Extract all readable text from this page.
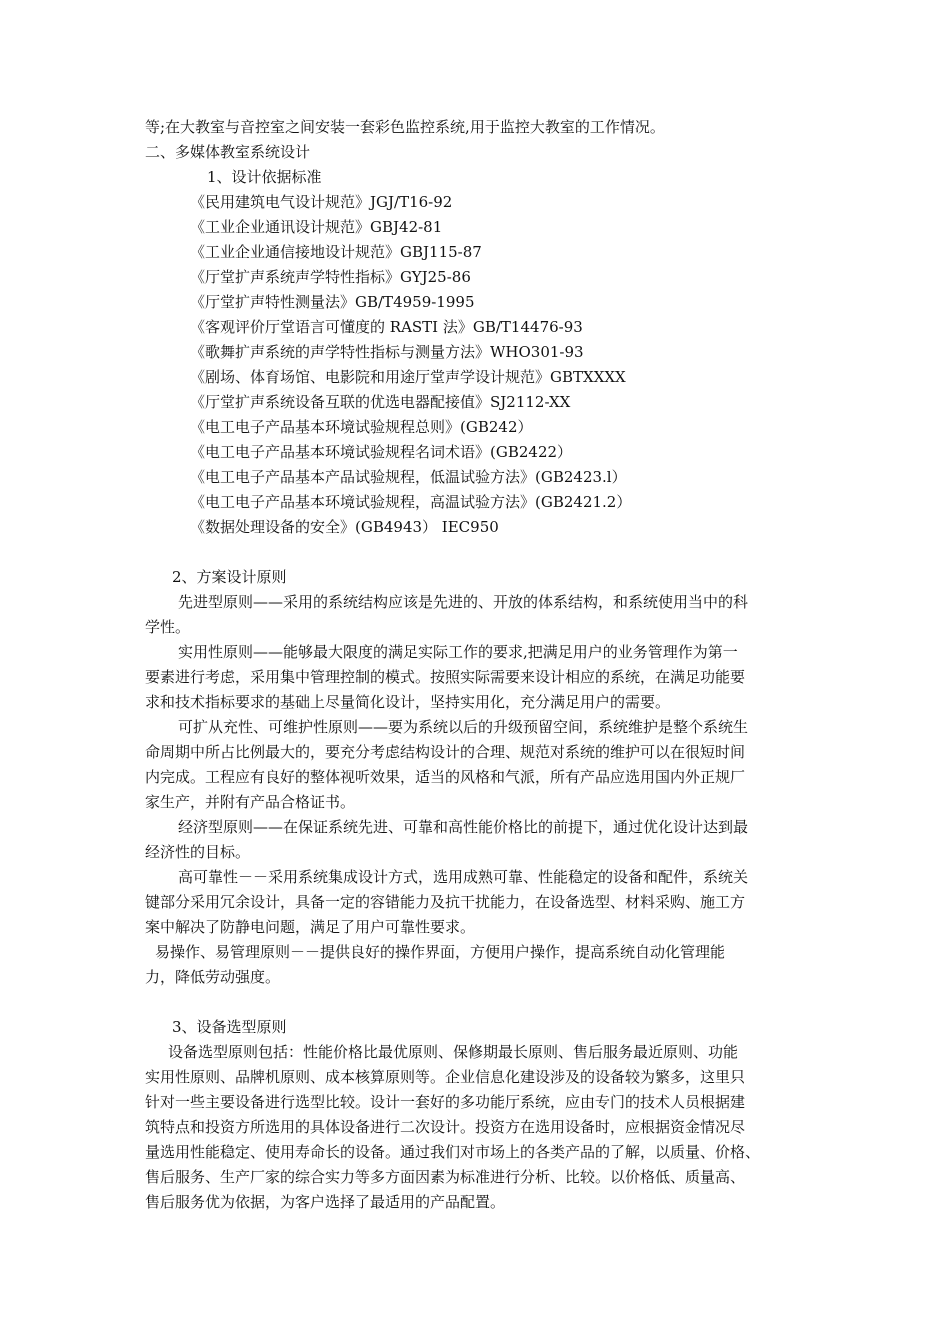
等;在大教室与音控室之间安装一套彩色监控系统,用于监控大教室的工作情况。
二、多媒体教室系统设计
1、设计依据标准
《民用建筑电气设计规范》JGJ/T16-92
《工业企业通讯设计规范》GBJ42-81
《工业企业通信接地设计规范》GBJ115-87
《厅堂扩声系统声学特性指标》GYJ25-86
《厅堂扩声特性测量法》GB/T4959-1995
《客观评价厅堂语言可懂度的 RASTI 法》GB/T14476-93
《歌舞扩声系统的声学特性指标与测量方法》WHO301-93
《剧场、体育场馆、电影院和用途厅堂声学设计规范》GBTXXXX
《厅堂扩声系统设备互联的优选电器配接值》SJ2112-XX
《电工电子产品基本环境试验规程总则》(GB242）
《电工电子产品基本环境试验规程名词术语》(GB2422）
《电工电子产品基本产品试验规程，低温试验方法》(GB2423.l）
《电工电子产品基本环境试验规程，高温试验方法》(GB2421.2）
《数据处理设备的安全》(GB4943） IEC950
2、方案设计原则
先进型原则——采用的系统结构应该是先进的、开放的体系结构，和系统使用当中的科
学性。
实用性原则——能够最大限度的满足实际工作的要求,把满足用户的业务管理作为第一
要素进行考虑，采用集中管理控制的模式。按照实际需要来设计相应的系统，在满足功能要
求和技术指标要求的基础上尽量简化设计，坚持实用化，充分满足用户的需要。
可扩从充性、可维护性原则——要为系统以后的升级预留空间，系统维护是整个系统生
命周期中所占比例最大的，要充分考虑结构设计的合理、规范对系统的维护可以在很短时间
内完成。工程应有良好的整体视听效果，适当的风格和气派，所有产品应选用国内外正规厂
家生产，并附有产品合格证书。
经济型原则——在保证系统先进、可靠和高性能价格比的前提下，通过优化设计达到最
经济性的目标。
高可靠性－－采用系统集成设计方式，选用成熟可靠、性能稳定的设备和配件，系统关
键部分采用冗余设计，具备一定的容错能力及抗干扰能力，在设备选型、材料采购、施工方
案中解决了防静电问题，满足了用户可靠性要求。
易操作、易管理原则－－提供良好的操作界面，方便用户操作，提高系统自动化管理能
力，降低劳动强度。
3、设备选型原则
设备选型原则包括：性能价格比最优原则、保修期最长原则、售后服务最近原则、功能
实用性原则、品牌机原则、成本核算原则等。企业信息化建设涉及的设备较为繁多，这里只
针对一些主要设备进行选型比较。设计一套好的多功能厅系统，应由专门的技术人员根据建
筑特点和投资方所选用的具体设备进行二次设计。投资方在选用设备时，应根据资金情况尽
量选用性能稳定、使用寿命长的设备。通过我们对市场上的各类产品的了解，以质量、价格、
售后服务、生产厂家的综合实力等多方面因素为标准进行分析、比较。以价格低、质量高、
售后服务优为依据，为客户选择了最适用的产品配置。
